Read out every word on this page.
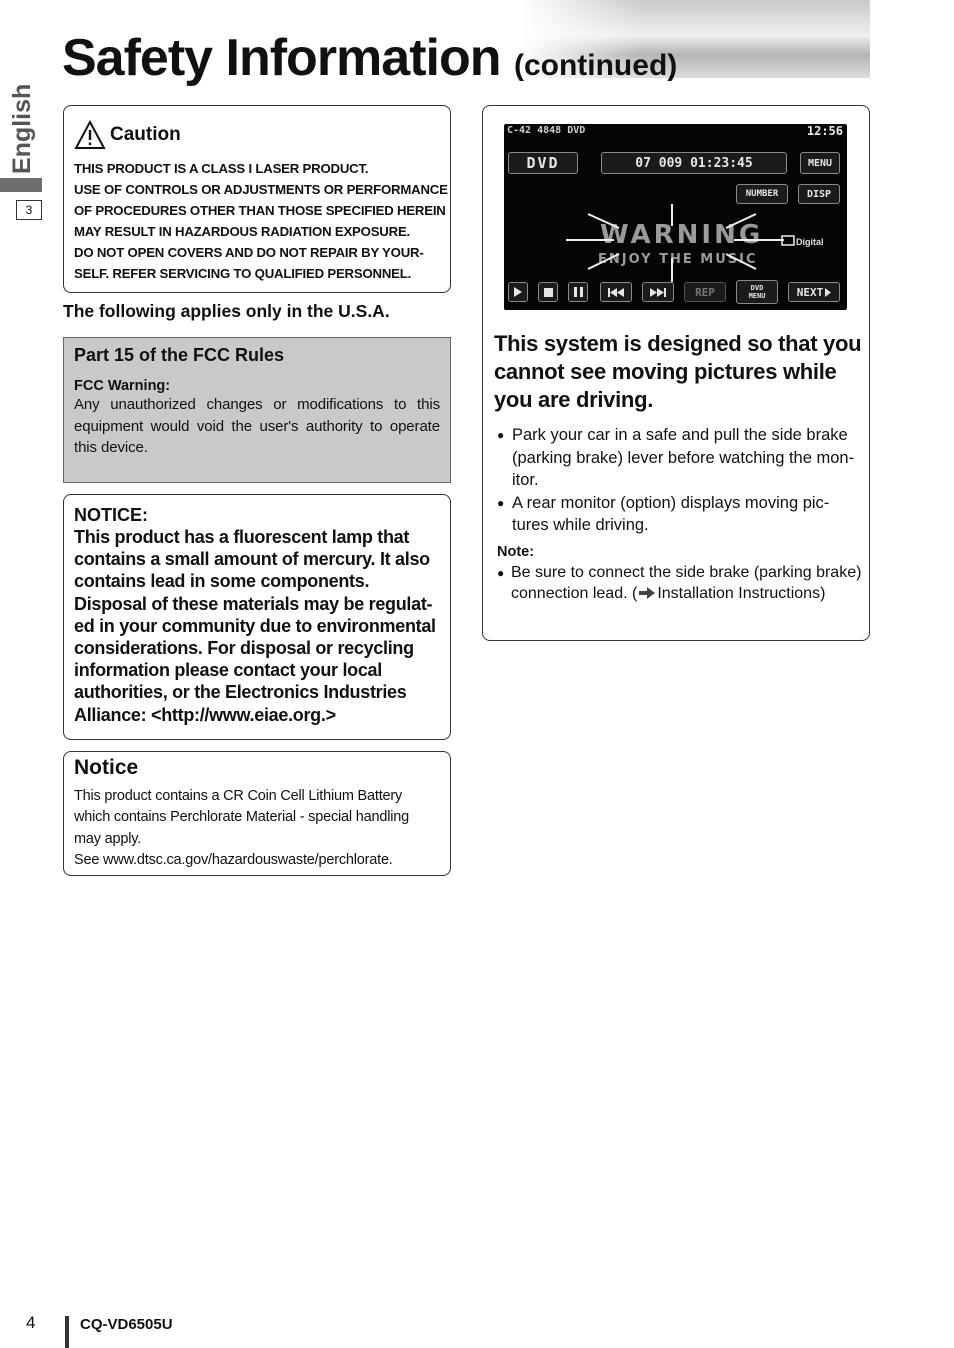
Safety Information (continued)
English
3
Caution
THIS PRODUCT IS A CLASS I LASER PRODUCT.
USE OF CONTROLS OR ADJUSTMENTS OR PERFORMANCE
OF PROCEDURES OTHER THAN THOSE SPECIFIED HEREIN
MAY RESULT IN HAZARDOUS RADIATION EXPOSURE.
DO NOT OPEN COVERS AND DO NOT REPAIR BY YOUR-
SELF. REFER SERVICING TO QUALIFIED PERSONNEL.
The following applies only in the U.S.A.
Part 15 of the FCC Rules
FCC Warning:
Any unauthorized changes or modifications to this equipment would void the user's authority to operate this device.
NOTICE:
This product has a fluorescent lamp that
contains a small amount of mercury. It also
contains lead in some components.
Disposal of these materials may be regulat-
ed in your community due to environmental
considerations. For disposal or recycling
information please contact your local
authorities, or the Electronics Industries
Alliance: <http://www.eiae.org.>
Notice
This product contains a CR Coin Cell Lithium Battery
which contains Perchlorate Material - special handling
may apply.
See www.dtsc.ca.gov/hazardouswaste/perchlorate.
C-42 4848 DVD	12:56
DVD	07 009 01:23:45	MENU
NUMBER	DISP
WARNING
ENJOY THE MUSIC
Digital
REP	DVD
MENU	NEXT
This system is designed so that you
cannot see moving pictures while
you are driving.
● Park your car in a safe and pull the side brake (parking brake) lever before watching the mon-itor.
● A rear monitor (option) displays moving pic-tures while driving.
Note:
● Be sure to connect the side brake (parking brake) connection lead. ( Installation Instructions)
4	CQ-VD6505U
